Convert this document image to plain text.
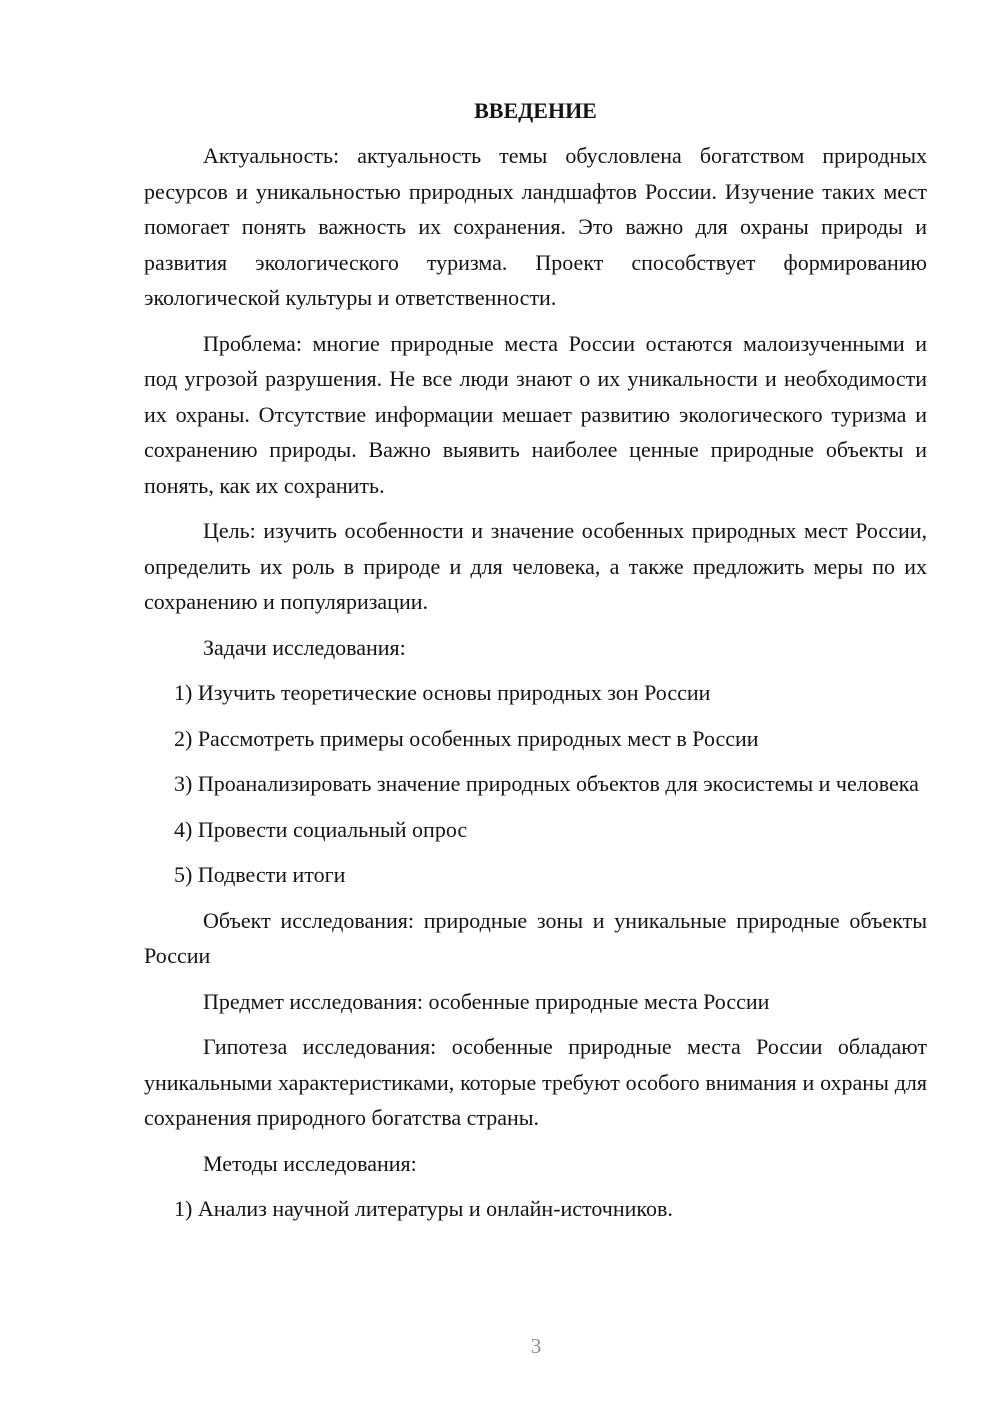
ВВЕДЕНИЕ

Актуальность: актуальность темы обусловлена богатством природных ресурсов и уникальностью природных ландшафтов России. Изучение таких мест помогает понять важность их сохранения. Это важно для охраны природы и развития экологического туризма. Проект способствует формированию экологической культуры и ответственности.

Проблема: многие природные места России остаются малоизученными и под угрозой разрушения. Не все люди знают о их уникальности и необходимости их охраны. Отсутствие информации мешает развитию экологического туризма и сохранению природы. Важно выявить наиболее ценные природные объекты и понять, как их сохранить.

Цель: изучить особенности и значение особенных природных мест России, определить их роль в природе и для человека, а также предложить меры по их сохранению и популяризации.

Задачи исследования:

1) Изучить теоретические основы природных зон России

2) Рассмотреть примеры особенных природных мест в России

3) Проанализировать значение природных объектов для экосистемы и человека

4) Провести социальный опрос

5) Подвести итоги

Объект исследования: природные зоны и уникальные природные объекты России

Предмет исследования: особенные природные места России

Гипотеза исследования: особенные природные места России обладают уникальными характеристиками, которые требуют особого внимания и охраны для сохранения природного богатства страны.

Методы исследования:

1) Анализ научной литературы и онлайн-источников.

3
